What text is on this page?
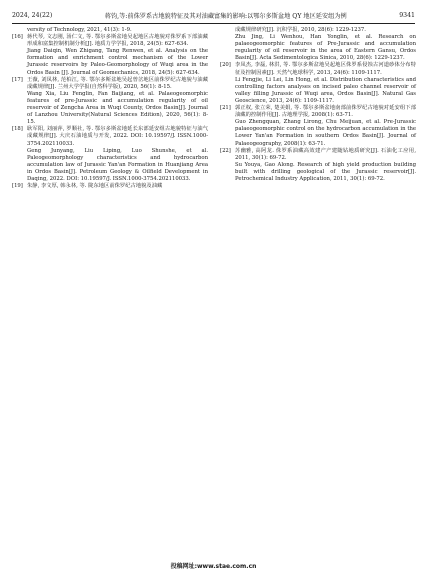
2024, 24(22)	蒋钧,等:前侏罗系古地貌特征及其对油藏富集的影响:以鄂尔多斯盆地 QY 地区延安组为例	9341

versity of Technology, 2021, 41(3): 1-9.

[16] 蒋代琴, 文志刚, 汤仁文, 等. 鄂尔多斯盆地吴起地区古地貌对侏罗系下部油藏形成和富集控制机制分析[J]. 地质力学学报, 2018, 24(5): 627-634.

Jiang Daiqin, Wen Zhigang, Tang Renwen, et al. Analysis on the formation and enrichment control mechanism of the Lower Jurassic reservoirs by Paleo-Geomorphology of Wuqi area in the Ordos Basin [J]. Journal of Geomechanics, 2018, 24(5): 627-634.

[17] 王薇, 刘凤林, 范柏江, 等. 鄂尔多斯盆地吴起曾岔地区前侏罗纪古地貌与油藏成藏规律[J]. 兰州大学学报(自然科学版), 2020, 56(1): 8-15.

Wang Xia, Liu Fenglin, Fan Baijiang, et al. Palaeogeomorphic features of pre-Jurassic and accumulation regularity of oil reservoir of Zengcha Area in Wuqi County, Ordos Basin[J]. Journal of Lanzhou University(Natural Sciences Edition), 2020, 56(1): 8-15.

[18] 耿军阳, 刘丽萍, 罗顺社, 等. 鄂尔多斯盆地延长东部延安组古地貌特征与油气成藏规律[J]. 大庆石油地质与开发, 2022. DOI: 10.19597/J. ISSN.1000-3754.202110033.

Geng Junyang, Liu Liping, Luo Shunshe, et al. Paleogeomorphology characteristics and hydrocarbon accumulation law of Jurassic Yan'an Formation in Huanjiang Area in Ordos Basin[J]. Petroleum Geology & Oilfield Development in Daqing, 2022. DOI: 10.19597/J. ISSN.1000-3754.202110033.

[19] 朱静, 李文厚, 韩永林, 等. 陇东地区前侏罗纪古地貌及油藏

成藏规律研究[J]. 沉积学报, 2010, 28(6): 1229-1237.

Zhu Jing, Li Wenhou, Han Yonglin, et al. Research on palaeogeomorphic features of Pre-Jurassic and accumulation regularity of oil reservoir in the area of Eastern Gansu, Ordos Basin[J]. Acta Sedimentologica Sinica, 2010, 28(6): 1229-1237.

[20] 李凤杰, 李磊, 林洪, 等. 鄂尔多斯盆地吴起地区侏罗系侵蚀古河道砂体分布特征及控制因素[J]. 天然气地球科学, 2013, 24(6): 1109-1117.

Li Fengjie, Li Lei, Lin Hong, et al. Distribution characteristics and controlling factors analyses on incised paleo channel reservoir of valley filling Jurassic of Wuqi area, Ordos Basin[J]. Natural Gas Geoscience, 2013, 24(6): 1109-1117.

[21] 郭正权, 张立荣, 楚美娟, 等. 鄂尔多斯盆地南部前侏罗纪古地貌对延安组下部油藏的控制作用[J]. 古地理学报, 2008(1): 63-71.

Guo Zhengquan, Zhang Lirong, Chu Meijuan, et al. Pre-Jurassic palaeogeomorphic control on the hydrocarbon accumulation in the Lower Yan'an Formation in southern Ordos Basin[J]. Journal of Palaeogeography, 2008(1): 63-71.

[22] 苏幽雅, 高阿龙. 侏罗系油藏高效建产产建随钻地质研究[J]. 石油化工应用, 2011, 30(1): 69-72.

Su Youya, Gao Along. Research of high yield production building built with drilling geological of the Jurassic reservoir[J]. Petrochemical Industry Application, 2011, 30(1): 69-72.

投稿网址:www.stae.com.cn
